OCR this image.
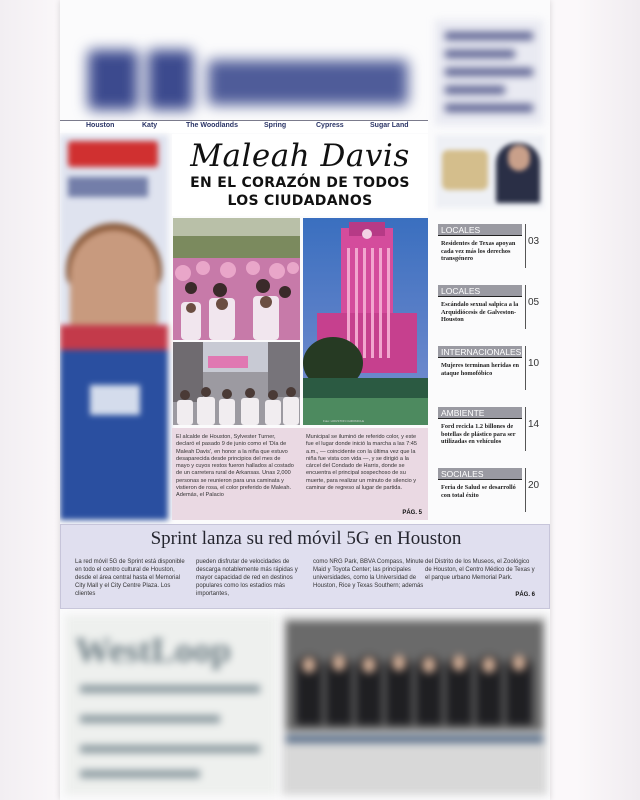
Houston	Katy	The Woodlands	Spring	Cypress	Sugar Land
Maleah Davis
EN EL CORAZÓN DE TODOS LOS CIUDADANOS
Foto: HOUSTON CHRONICLE
El alcalde de Houston, Sylvester Turner, declaró el pasado 9 de junio como el 'Día de Maleah Davis', en honor a la niña que estuvo desaparecida desde principios del mes de mayo y cuyos restos fueron hallados al costado de un carretera rural de Arkansas. Unas 2,000 personas se reunieron para una caminata y vistieron de rosa, el color preferido de Maleah. Además, el Palacio
Municipal se iluminó de referido color, y este fue el lugar donde inició la marcha a las 7:45 a.m., — coincidente con la última vez que la niña fue vista con vida —, y se dirigió a la cárcel del Condado de Harris, donde se encuentra el principal sospechoso de su muerte, para realizar un minuto de silencio y caminar de regreso al lugar de partida.
PÁG. 5
LOCALES
Residentes de Texas apoyan cada vez más los derechos transgénero
03
LOCALES
Escándalo sexual salpica a la Arquidiócesis de Galveston-Houston
05
INTERNACIONALES
Mujeres terminan heridas en ataque homofóbico
10
AMBIENTE
Ford recicla 1.2 billones de botellas de plástico para ser utilizadas en vehículos
14
SOCIALES
Feria de Salud se desarrolló con total éxito
20
Sprint lanza su red móvil 5G en Houston
La red móvil 5G de Sprint está disponible en todo el centro cultural de Houston, desde el área central hasta el Memorial City Mall y el City Centre Plaza. Los clientes
pueden disfrutar de velocidades de descarga notablemente más rápidas y mayor capacidad de red en destinos populares como los estadios más importantes,
como NRG Park, BBVA Compass, Minute Maid y Toyota Center; las principales universidades, como la Universidad de Houston, Rice y Texas Southern; además
del Distrito de los Museos, el Zoológico de Houston, el Centro Médico de Texas y el parque urbano Memorial Park.
PÁG. 6
WestLoop
